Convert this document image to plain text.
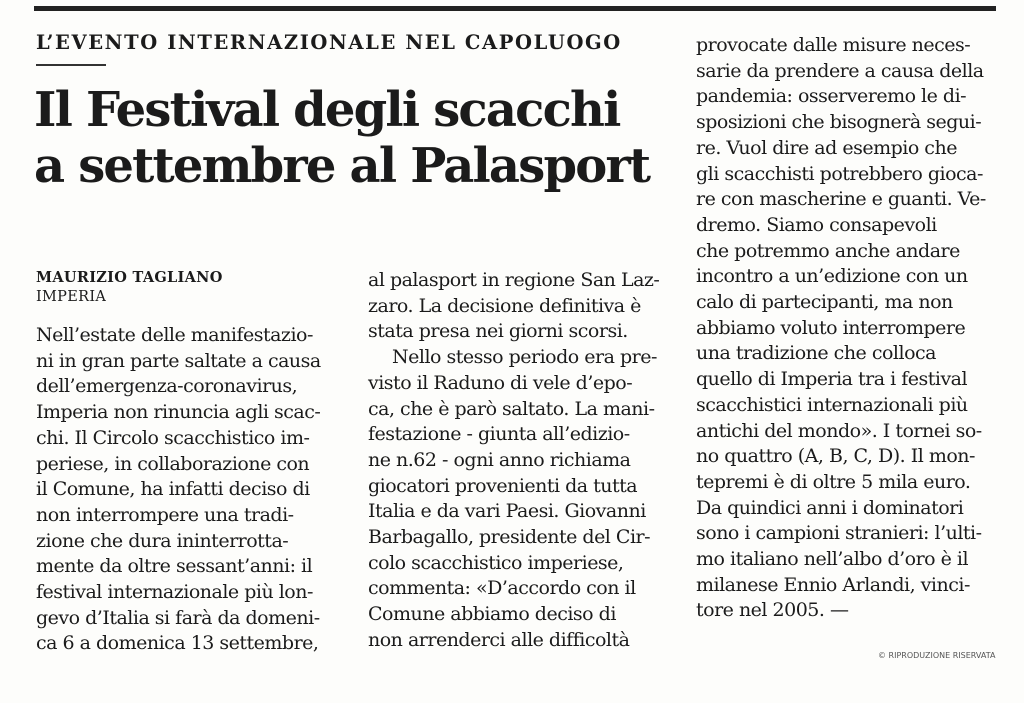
L’EVENTO INTERNAZIONALE NEL CAPOLUOGO
Il Festival degli scacchi
a settembre al Palasport
MAURIZIO TAGLIANO
IMPERIA
Nell’estate delle manifestazio-
ni in gran parte saltate a causa
dell’emergenza-coronavirus,
Imperia non rinuncia agli scac-
chi. Il Circolo scacchistico im-
periese, in collaborazione con
il Comune, ha infatti deciso di
non interrompere una tradi-
zione che dura ininterrotta-
mente da oltre sessant’anni: il
festival internazionale più lon-
gevo d’Italia si farà da domeni-
ca 6 a domenica 13 settembre,
al palasport in regione San Laz-
zaro. La decisione definitiva è
stata presa nei giorni scorsi.
Nello stesso periodo era pre-
visto il Raduno di vele d’epo-
ca, che è parò saltato. La mani-
festazione - giunta all’edizio-
ne n.62 - ogni anno richiama
giocatori provenienti da tutta
Italia e da vari Paesi. Giovanni
Barbagallo, presidente del Cir-
colo scacchistico imperiese,
commenta: «D’accordo con il
Comune abbiamo deciso di
non arrenderci alle difficoltà
provocate dalle misure neces-
sarie da prendere a causa della
pandemia: osserveremo le di-
sposizioni che bisognerà segui-
re. Vuol dire ad esempio che
gli scacchisti potrebbero gioca-
re con mascherine e guanti. Ve-
dremo. Siamo consapevoli
che potremmo anche andare
incontro a un’edizione con un
calo di partecipanti, ma non
abbiamo voluto interrompere
una tradizione che colloca
quello di Imperia tra i festival
scacchistici internazionali più
antichi del mondo». I tornei so-
no quattro (A, B, C, D). Il mon-
tepremi è di oltre 5 mila euro.
Da quindici anni i dominatori
sono i campioni stranieri: l’ulti-
mo italiano nell’albo d’oro è il
milanese Ennio Arlandi, vinci-
tore nel 2005. —
© RIPRODUZIONE RISERVATA
